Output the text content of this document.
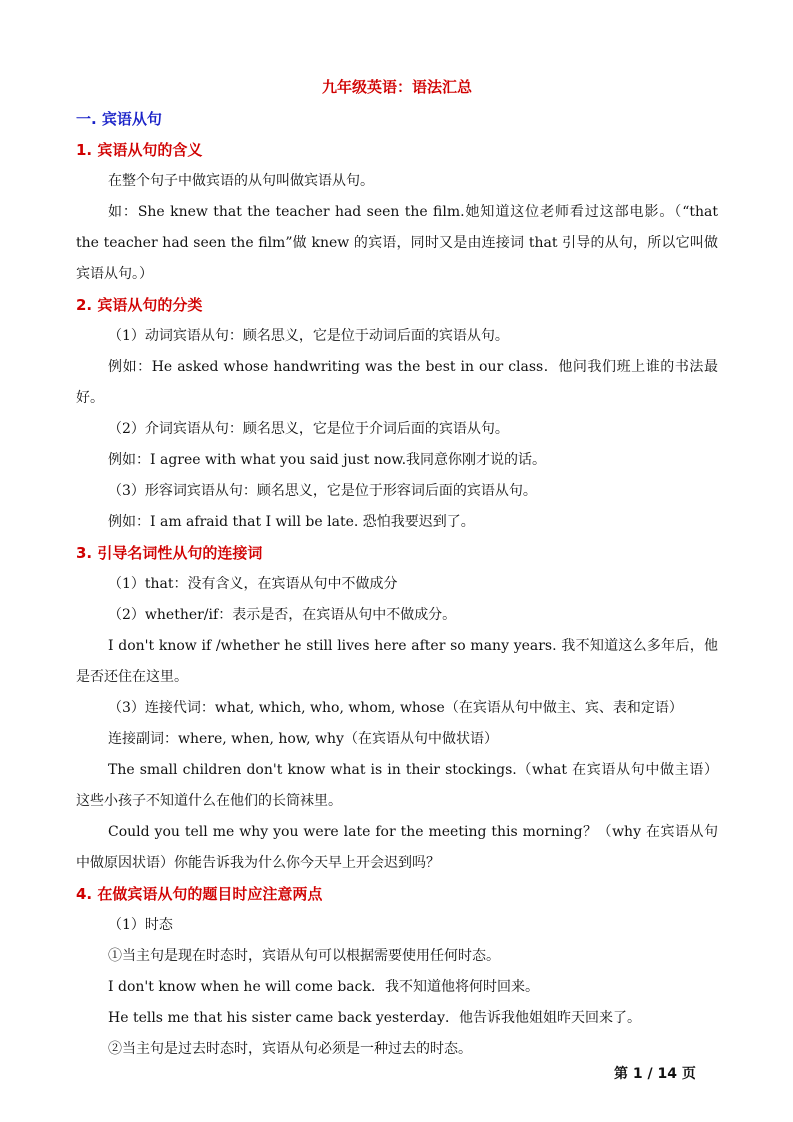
九年级英语：语法汇总
一. 宾语从句
1. 宾语从句的含义

在整个句子中做宾语的从句叫做宾语从句。

如：She knew that the teacher had seen the film.她知道这位老师看过这部电影。（“that the teacher had seen the film”做 knew 的宾语，同时又是由连接词 that 引导的从句，所以它叫做宾语从句。）

2. 宾语从句的分类

（1）动词宾语从句：顾名思义，它是位于动词后面的宾语从句。

例如：He asked whose handwriting was the best in our class．他问我们班上谁的书法最好。

（2）介词宾语从句：顾名思义，它是位于介词后面的宾语从句。

例如：I agree with what you said just now.我同意你刚才说的话。

（3）形容词宾语从句：顾名思义，它是位于形容词后面的宾语从句。

例如：I am afraid that I will be late. 恐怕我要迟到了。

3. 引导名词性从句的连接词

（1）that：没有含义，在宾语从句中不做成分

（2）whether/if：表示是否，在宾语从句中不做成分。

I don't know if /whether he still lives here after so many years. 我不知道这么多年后，他是否还住在这里。

（3）连接代词：what, which, who, whom, whose（在宾语从句中做主、宾、表和定语）

连接副词：where, when, how, why（在宾语从句中做状语）

The small children don't know what is in their stockings.（what 在宾语从句中做主语）这些小孩子不知道什么在他们的长筒袜里。

Could you tell me why you were late for the meeting this morning？（why 在宾语从句中做原因状语）你能告诉我为什么你今天早上开会迟到吗？

4. 在做宾语从句的题目时应注意两点

（1）时态

①当主句是现在时态时，宾语从句可以根据需要使用任何时态。

I don't know when he will come back．我不知道他将何时回来。

He tells me that his sister came back yesterday．他告诉我他姐姐昨天回来了。

②当主句是过去时态时，宾语从句必须是一种过去的时态。

第 1 / 14 页
